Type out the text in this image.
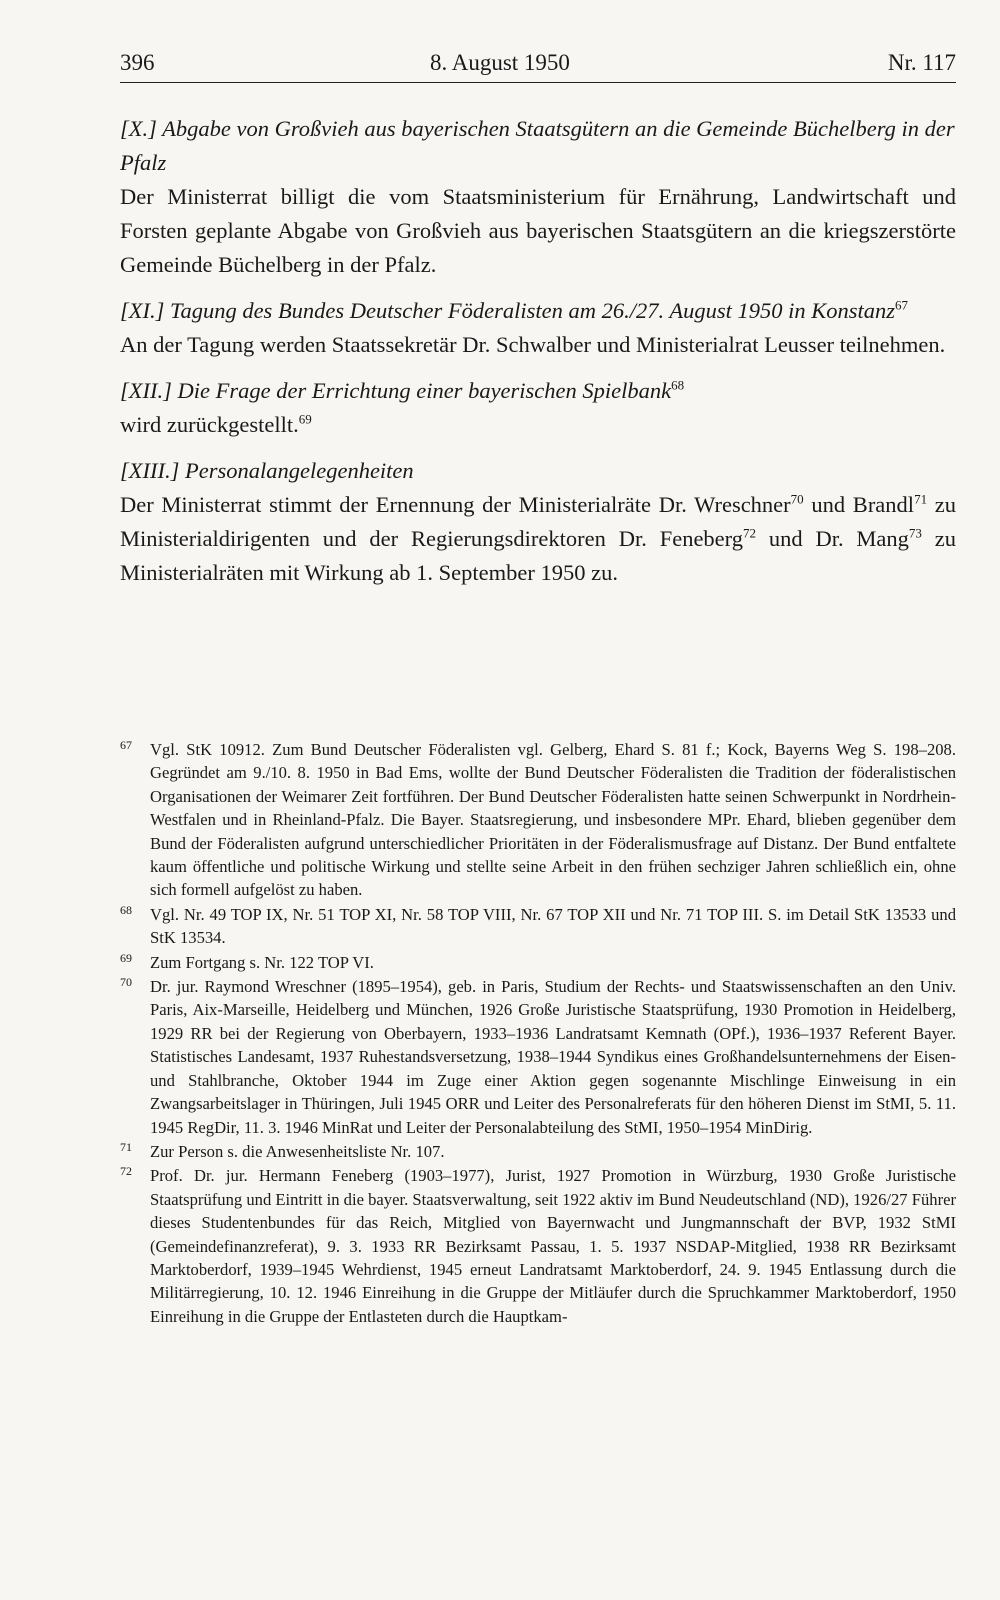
396	8. August 1950	Nr. 117
[X.] Abgabe von Großvieh aus bayerischen Staatsgütern an die Gemeinde Büchelberg in der Pfalz
Der Ministerrat billigt die vom Staatsministerium für Ernährung, Landwirtschaft und Forsten geplante Abgabe von Großvieh aus bayerischen Staatsgütern an die kriegszerstörte Gemeinde Büchelberg in der Pfalz.
[XI.] Tagung des Bundes Deutscher Föderalisten am 26./27. August 1950 in Konstanz$^{67}$
An der Tagung werden Staatssekretär Dr. Schwalber und Ministerialrat Leusser teilnehmen.
[XII.] Die Frage der Errichtung einer bayerischen Spielbank$^{68}$
wird zurückgestellt.$^{69}$
[XIII.] Personalangelegenheiten
Der Ministerrat stimmt der Ernennung der Ministerialräte Dr. Wreschner$^{70}$ und Brandl$^{71}$ zu Ministerialdirigenten und der Regierungsdirektoren Dr. Feneberg$^{72}$ und Dr. Mang$^{73}$ zu Ministerialräten mit Wirkung ab 1. September 1950 zu.
67 Vgl. StK 10912. Zum Bund Deutscher Föderalisten vgl. Gelberg, Ehard S. 81 f.; Kock, Bayerns Weg S. 198–208. Gegründet am 9./10. 8. 1950 in Bad Ems, wollte der Bund Deutscher Föderalisten die Tradition der föderalistischen Organisationen der Weimarer Zeit fortführen. Der Bund Deutscher Föderalisten hatte seinen Schwerpunkt in Nordrhein-Westfalen und in Rheinland-Pfalz. Die Bayer. Staatsregierung, und insbesondere MPr. Ehard, blieben gegenüber dem Bund der Föderalisten aufgrund unterschiedlicher Prioritäten in der Föderalismusfrage auf Distanz. Der Bund entfaltete kaum öffentliche und politische Wirkung und stellte seine Arbeit in den frühen sechziger Jahren schließlich ein, ohne sich formell aufgelöst zu haben.
68 Vgl. Nr. 49 TOP IX, Nr. 51 TOP XI, Nr. 58 TOP VIII, Nr. 67 TOP XII und Nr. 71 TOP III. S. im Detail StK 13533 und StK 13534.
69 Zum Fortgang s. Nr. 122 TOP VI.
70 Dr. jur. Raymond Wreschner (1895–1954), geb. in Paris, Studium der Rechts- und Staatswissenschaften an den Univ. Paris, Aix-Marseille, Heidelberg und München, 1926 Große Juristische Staatsprüfung, 1930 Promotion in Heidelberg, 1929 RR bei der Regierung von Oberbayern, 1933–1936 Landratsamt Kemnath (OPf.), 1936–1937 Referent Bayer. Statistisches Landesamt, 1937 Ruhestandsversetzung, 1938–1944 Syndikus eines Großhandelsunternehmens der Eisen- und Stahlbranche, Oktober 1944 im Zuge einer Aktion gegen sogenannte Mischlinge Einweisung in ein Zwangsarbeitslager in Thüringen, Juli 1945 ORR und Leiter des Personalreferats für den höheren Dienst im StMI, 5. 11. 1945 RegDir, 11. 3. 1946 MinRat und Leiter der Personalabteilung des StMI, 1950–1954 MinDirig.
71 Zur Person s. die Anwesenheitsliste Nr. 107.
72 Prof. Dr. jur. Hermann Feneberg (1903–1977), Jurist, 1927 Promotion in Würzburg, 1930 Große Juristische Staatsprüfung und Eintritt in die bayer. Staatsverwaltung, seit 1922 aktiv im Bund Neudeutschland (ND), 1926/27 Führer dieses Studentenbundes für das Reich, Mitglied von Bayernwacht und Jungmannschaft der BVP, 1932 StMI (Gemeindefinanzreferat), 9. 3. 1933 RR Bezirksamt Passau, 1. 5. 1937 NSDAP-Mitglied, 1938 RR Bezirksamt Marktoberdorf, 1939–1945 Wehrdienst, 1945 erneut Landratsamt Marktoberdorf, 24. 9. 1945 Entlassung durch die Militärregierung, 10. 12. 1946 Einreihung in die Gruppe der Mitläufer durch die Spruchkammer Marktoberdorf, 1950 Einreihung in die Gruppe der Entlasteten durch die Hauptkam-
